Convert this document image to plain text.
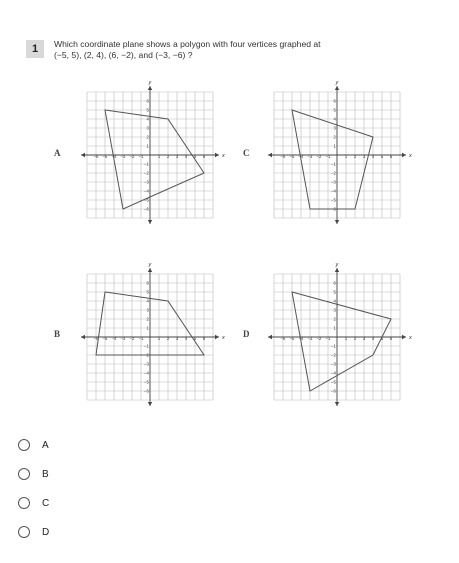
1	Which coordinate plane shows a polygon with four vertices graphed at
(−5, 5), (2, 4), (6, −2), and (−3, −6) ?
A	x
y
−6 −5 −4 −3 −2 −1	1 2 3 4 5 6
1
2
3
4
5
6
−1
−2
−3
−4
−5
−6
C	x
y
−6 −5 −4 −3 −2 −1	1 2 3 4 5 6
1
2
3
4
5
6
−1
−2
−3
−4
−5
−6
B	x
y
−6 −5 −4 −3 −2 −1	1 2 3 4 5 6
1
2
3
4
5
6
−1
−2
−3
−4
−5
−6
D	x
y
−6 −5 −4 −3 −2 −1	1 2 3 4 5 6
1
2
3
4
5
6
−1
−2
−3
−4
−5
−6
A
B
C
D
